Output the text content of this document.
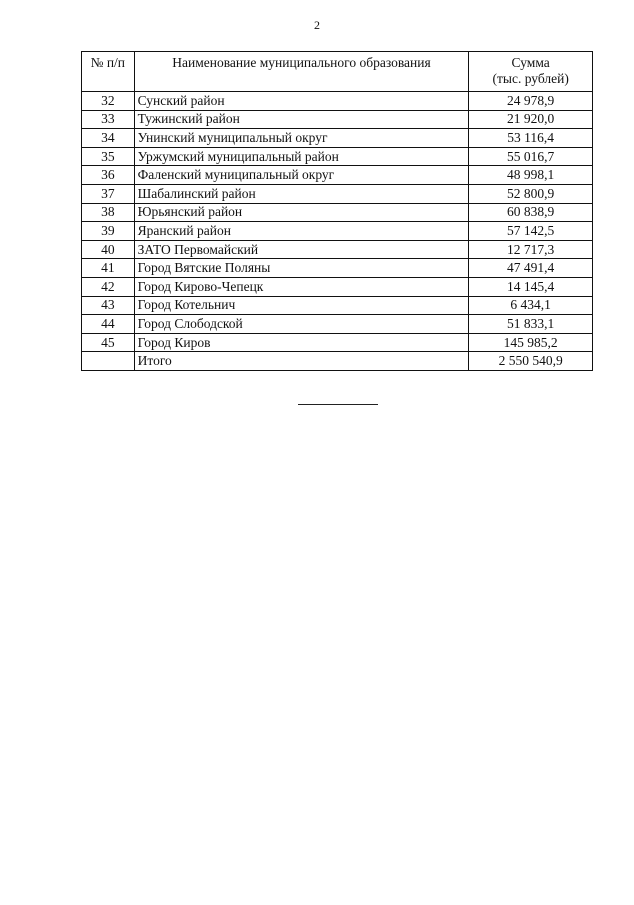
2
№ п/п	Наименование муниципального образования	Сумма
(тыс. рублей)

32	Сунский район	24 978,9
33	Тужинский район	21 920,0
34	Унинский муниципальный округ	53 116,4
35	Уржумский муниципальный район	55 016,7
36	Фаленский муниципальный округ	48 998,1
37	Шабалинский район	52 800,9
38	Юрьянский район	60 838,9
39	Яранский район	57 142,5
40	ЗАТО Первомайский	12 717,3
41	Город Вятские Поляны	47 491,4
42	Город Кирово-Чепецк	14 145,4
43	Город Котельнич	6 434,1
44	Город Слободской	51 833,1
45	Город Киров	145 985,2
	Итого	2 550 540,9
